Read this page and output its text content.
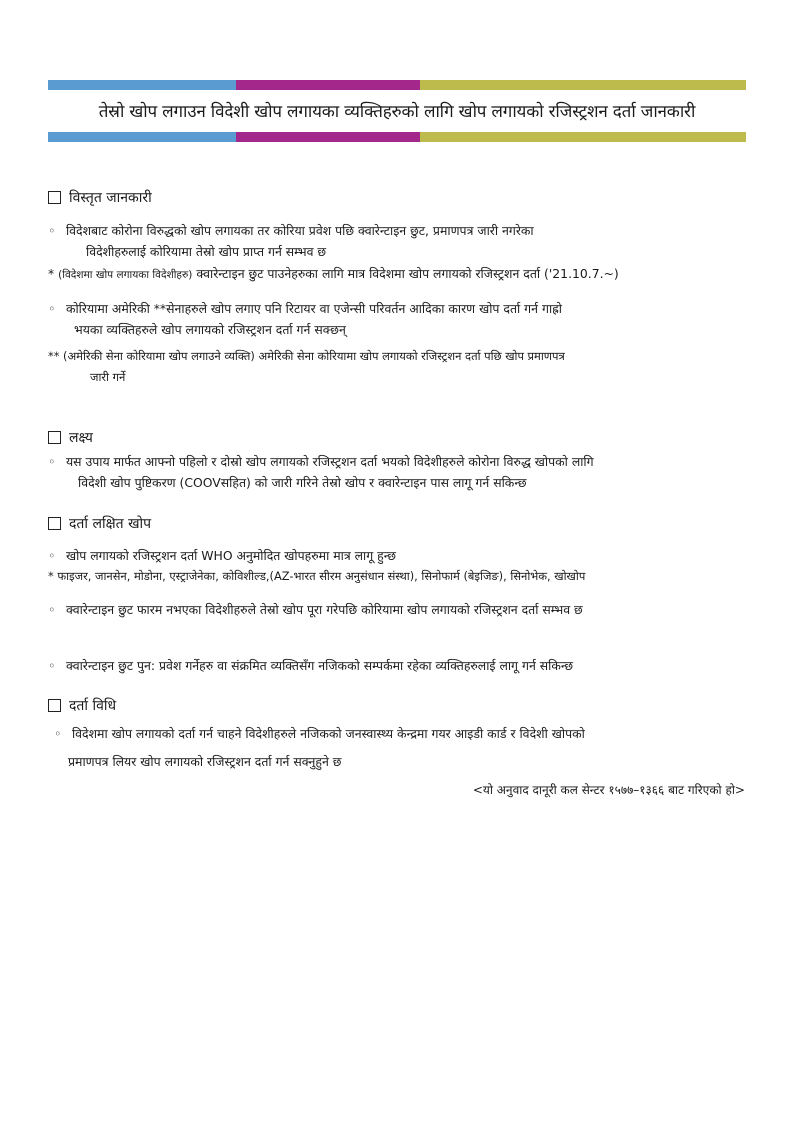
तेस्रो खोप लगाउन विदेशी खोप लगायका व्यक्तिहरुको लागि खोप लगायको रजिस्ट्रशन दर्ता जानकारी
विस्तृत जानकारी
◦ विदेशबाट कोरोना विरुद्धको खोप लगायका तर कोरिया प्रवेश पछि क्वारेन्टाइन छुट, प्रमाणपत्र जारी नगरेका
विदेशीहरुलाई कोरियामा तेस्रो खोप प्राप्त गर्न सम्भव छ
* (विदेशमा खोप लगायका विदेशीहरु) क्वारेन्टाइन छुट पाउनेहरुका लागि मात्र विदेशमा खोप लगायको रजिस्ट्रशन दर्ता ('21.10.7.~)
◦ कोरियामा अमेरिकी **सेनाहरुले खोप लगाए पनि रिटायर वा एजेन्सी परिवर्तन आदिका कारण खोप दर्ता गर्न गाह्रो
भयका व्यक्तिहरुले खोप लगायको रजिस्ट्रशन दर्ता गर्न सक्छन्
** (अमेरिकी सेना कोरियामा खोप लगाउने व्यक्ति) अमेरिकी सेना कोरियामा खोप लगायको रजिस्ट्रशन दर्ता पछि खोप प्रमाणपत्र
जारी गर्ने
लक्ष्य
◦ यस उपाय मार्फत आफ्नो पहिलो र दोस्रो खोप लगायको रजिस्ट्रशन दर्ता भयको विदेशीहरुले कोरोना विरुद्ध खोपको लागि
विदेशी खोप पुष्टिकरण (COOVसहित) को जारी गरिने तेस्रो खोप र क्वारेन्टाइन पास लागू गर्न सकिन्छ
दर्ता लक्षित खोप
◦ खोप लगायको रजिस्ट्रशन दर्ता WHO अनुमोदित खोपहरुमा मात्र लागू हुन्छ
* फाइजर, जानसेन, मोडोना, एस्ट्राजेनेका, कोविशील्ड,(AZ-भारत सीरम अनुसंधान संस्था), सिनोफार्म (बेइजिङ), सिनोभेक, खोखोप
◦ क्वारेन्टाइन छुट फारम नभएका विदेशीहरुले तेस्रो खोप पूरा गरेपछि कोरियामा खोप लगायको रजिस्ट्रशन दर्ता सम्भव छ
◦ क्वारेन्टाइन छुट पुन: प्रवेश गर्नेहरु वा संक्रमित व्यक्तिसँग नजिकको सम्पर्कमा रहेका व्यक्तिहरुलाई लागू गर्न सकिन्छ
दर्ता विधि
◦ विदेशमा खोप लगायको दर्ता गर्न चाहने विदेशीहरुले नजिकको जनस्वास्थ्य केन्द्रमा गयर आइडी कार्ड र विदेशी खोपको
प्रमाणपत्र लियर खोप लगायको रजिस्ट्रशन दर्ता गर्न सक्नुहुने छ
<यो अनुवाद दानूरी कल सेन्टर १५७७–१३६६ बाट गरिएको हो>
